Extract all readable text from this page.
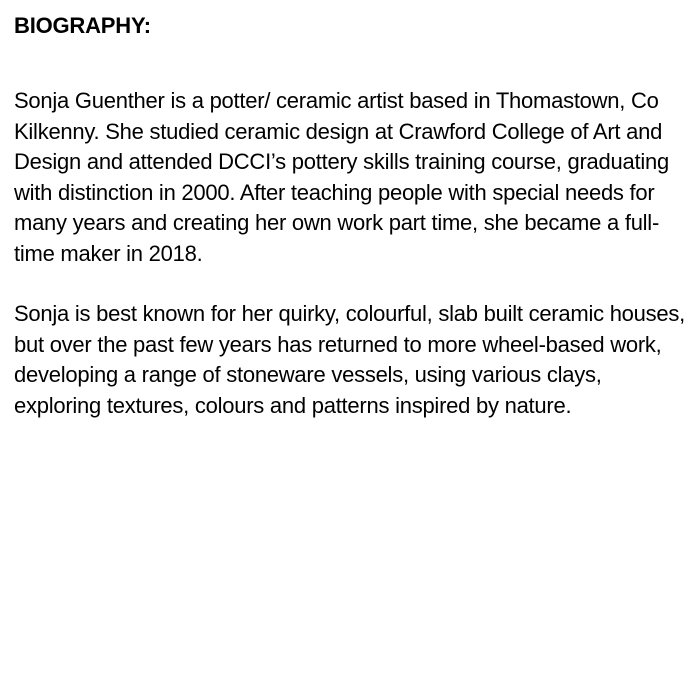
BIOGRAPHY:

Sonja Guenther is a potter/ ceramic artist based in Thomastown, Co Kilkenny. She studied ceramic design at Crawford College of Art and Design and attended DCCI’s pottery skills training course, graduating with distinction in 2000. After teaching people with special needs for many years and creating her own work part time, she became a full-time maker in 2018.

Sonja is best known for her quirky, colourful, slab built ceramic houses, but over the past few years has returned to more wheel-based work, developing a range of stoneware vessels, using various clays, exploring textures, colours and patterns inspired by nature.
